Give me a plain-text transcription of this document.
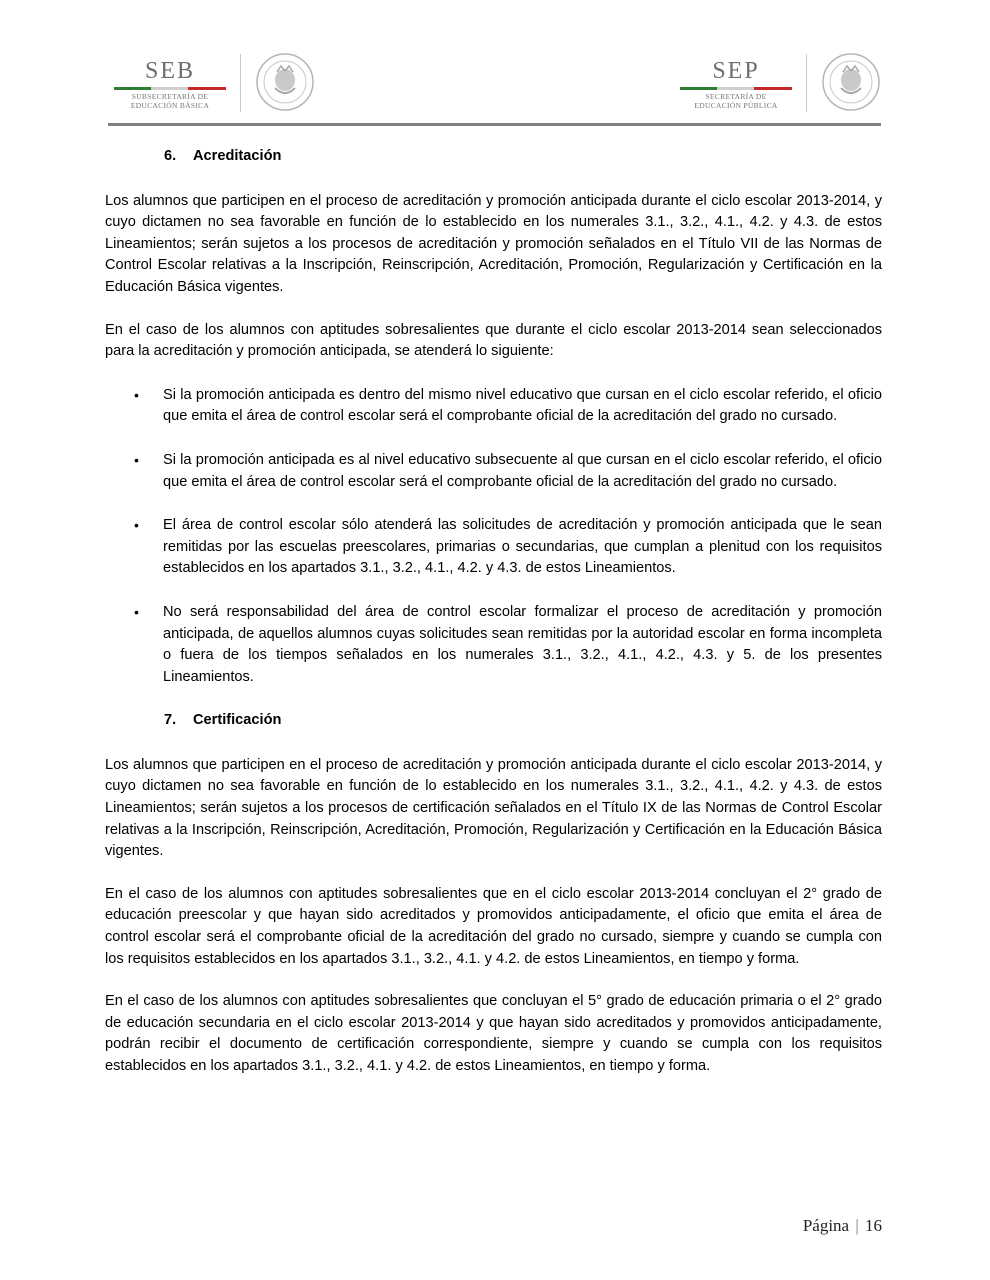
SEB
SUBSECRETARÍA DE
EDUCACIÓN BÁSICA
SEP
SECRETARÍA DE
EDUCACIÓN PÚBLICA
6.	Acreditación

Los alumnos que participen en el proceso de acreditación y promoción anticipada durante el ciclo escolar 2013-2014, y cuyo dictamen no sea favorable en función de lo establecido en los numerales 3.1., 3.2., 4.1., 4.2. y 4.3. de estos Lineamientos; serán sujetos a los procesos de acreditación y promoción señalados en el Título VII de las Normas de Control Escolar relativas a la Inscripción, Reinscripción, Acreditación, Promoción, Regularización y Certificación en la Educación Básica vigentes.

En el caso de los alumnos con aptitudes sobresalientes que durante el ciclo escolar 2013-2014 sean seleccionados para la acreditación y promoción anticipada, se atenderá lo siguiente:

• Si la promoción anticipada es dentro del mismo nivel educativo que cursan en el ciclo escolar referido, el oficio que emita el área de control escolar será el comprobante oficial de la acreditación del grado no cursado.
• Si la promoción anticipada es al nivel educativo subsecuente al que cursan en el ciclo escolar referido, el oficio que emita el área de control escolar será el comprobante oficial de la acreditación del grado no cursado.
• El área de control escolar sólo atenderá las solicitudes de acreditación y promoción anticipada que le sean remitidas por las escuelas preescolares, primarias o secundarias, que cumplan a plenitud con los requisitos establecidos en los apartados 3.1., 3.2., 4.1., 4.2. y 4.3. de estos Lineamientos.
• No será responsabilidad del área de control escolar formalizar el proceso de acreditación y promoción anticipada, de aquellos alumnos cuyas solicitudes sean remitidas por la autoridad escolar en forma incompleta o fuera de los tiempos señalados en los numerales 3.1., 3.2., 4.1., 4.2., 4.3. y 5. de los presentes Lineamientos.
7.	Certificación

Los alumnos que participen en el proceso de acreditación y promoción anticipada durante el ciclo escolar 2013-2014, y cuyo dictamen no sea favorable en función de lo establecido en los numerales 3.1., 3.2., 4.1., 4.2. y 4.3. de estos Lineamientos; serán sujetos a los procesos de certificación señalados en el Título IX de las Normas de Control Escolar relativas a la Inscripción, Reinscripción, Acreditación, Promoción, Regularización y Certificación en la Educación Básica vigentes.

En el caso de los alumnos con aptitudes sobresalientes que en el ciclo escolar 2013-2014 concluyan el 2° grado de educación preescolar y que hayan sido acreditados y promovidos anticipadamente, el oficio que emita el área de control escolar será el comprobante oficial de la acreditación del grado no cursado, siempre y cuando se cumpla con los requisitos establecidos en los apartados 3.1., 3.2., 4.1. y 4.2. de estos Lineamientos, en tiempo y forma.

En el caso de los alumnos con aptitudes sobresalientes que concluyan el 5° grado de educación primaria o el 2° grado de educación secundaria en el ciclo escolar 2013-2014 y que hayan sido acreditados y promovidos anticipadamente, podrán recibir el documento de certificación correspondiente, siempre y cuando se cumpla con los requisitos establecidos en los apartados 3.1., 3.2., 4.1. y 4.2. de estos Lineamientos, en tiempo y forma.

Página | 16
